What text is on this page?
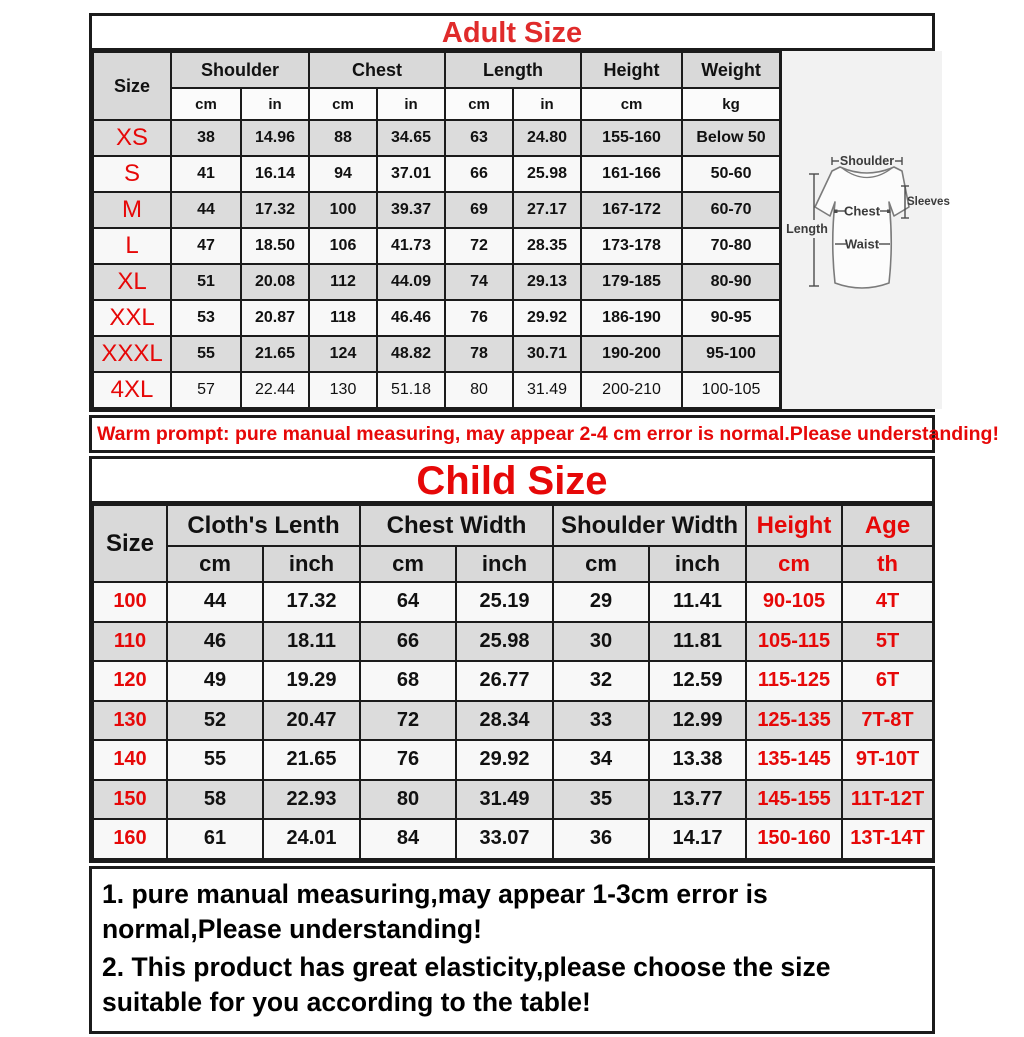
Adult Size
Size	Shoulder		Chest		Length		Height	Weight
	cm	in	cm	in	cm	in	cm	kg
XS	38	14.96	88	34.65	63	24.80	155-160	Below 50
S	41	16.14	94	37.01	66	25.98	161-166	50-60
M	44	17.32	100	39.37	69	27.17	167-172	60-70
L	47	18.50	106	41.73	72	28.35	173-178	70-80
XL	51	20.08	112	44.09	74	29.13	179-185	80-90
XXL	53	20.87	118	46.46	76	29.92	186-190	90-95
XXXL	55	21.65	124	48.82	78	30.71	190-200	95-100
4XL	57	22.44	130	51.18	80	31.49	200-210	100-105
Shoulder
Chest
Waist
Length
Sleeves
Warm prompt: pure manual measuring, may appear 2-4 cm error is normal.Please understanding!
Child Size
Size	Cloth's Lenth		Chest Width		Shoulder Width		Height	Age
	cm	inch	cm	inch	cm	inch	cm	th
100	44	17.32	64	25.19	29	11.41	90-105	4T
110	46	18.11	66	25.98	30	11.81	105-115	5T
120	49	19.29	68	26.77	32	12.59	115-125	6T
130	52	20.47	72	28.34	33	12.99	125-135	7T-8T
140	55	21.65	76	29.92	34	13.38	135-145	9T-10T
150	58	22.93	80	31.49	35	13.77	145-155	11T-12T
160	61	24.01	84	33.07	36	14.17	150-160	13T-14T

1. pure manual measuring,may appear 1-3cm error is normal,Please understanding!

2. This product has great elasticity,please choose the size suitable for you according to the table!
